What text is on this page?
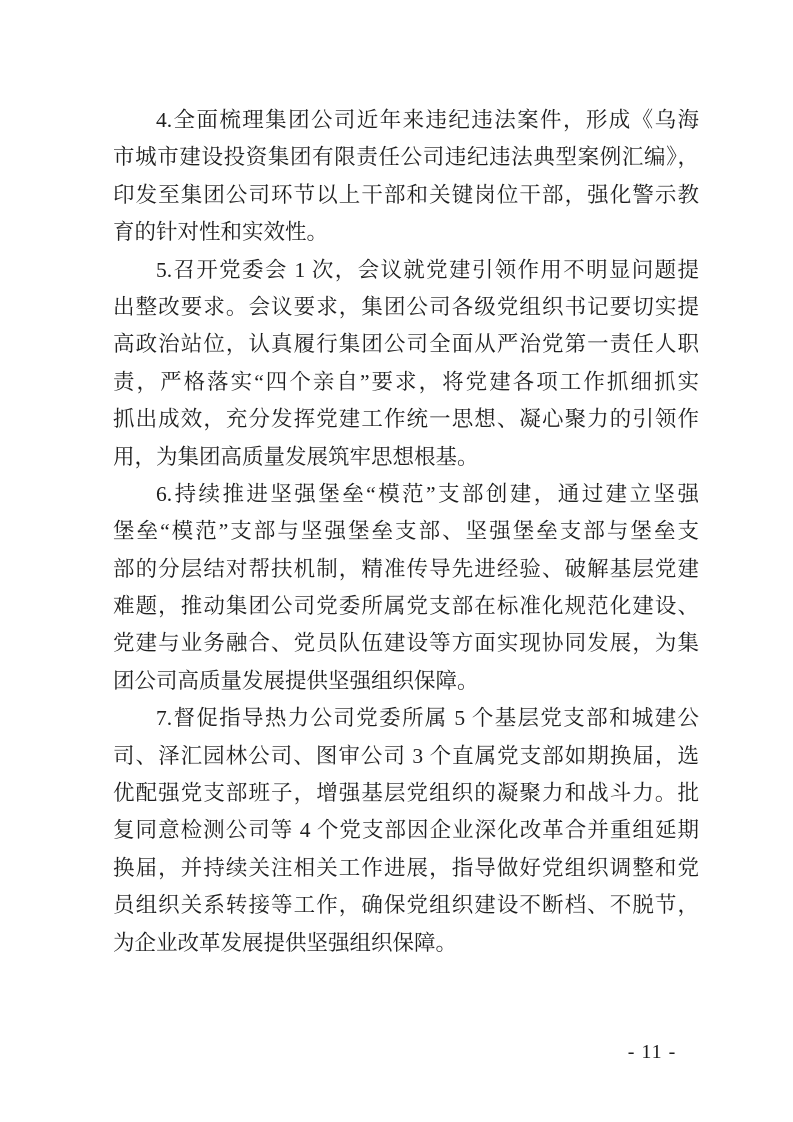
4.全面梳理集团公司近年来违纪违法案件，形成《乌海
市城市建设投资集团有限责任公司违纪违法典型案例汇编》，
印发至集团公司环节以上干部和关键岗位干部，强化警示教
育的针对性和实效性。
5.召开党委会 1 次，会议就党建引领作用不明显问题提
出整改要求。会议要求，集团公司各级党组织书记要切实提
高政治站位，认真履行集团公司全面从严治党第一责任人职
责，严格落实“四个亲自”要求，将党建各项工作抓细抓实
抓出成效，充分发挥党建工作统一思想、凝心聚力的引领作
用，为集团高质量发展筑牢思想根基。
6.持续推进坚强堡垒“模范”支部创建，通过建立坚强
堡垒“模范”支部与坚强堡垒支部、坚强堡垒支部与堡垒支
部的分层结对帮扶机制，精准传导先进经验、破解基层党建
难题，推动集团公司党委所属党支部在标准化规范化建设、
党建与业务融合、党员队伍建设等方面实现协同发展，为集
团公司高质量发展提供坚强组织保障。
7.督促指导热力公司党委所属 5 个基层党支部和城建公
司、泽汇园林公司、图审公司 3 个直属党支部如期换届，选
优配强党支部班子，增强基层党组织的凝聚力和战斗力。批
复同意检测公司等 4 个党支部因企业深化改革合并重组延期
换届，并持续关注相关工作进展，指导做好党组织调整和党
员组织关系转接等工作，确保党组织建设不断档、不脱节，
为企业改革发展提供坚强组织保障。
- 11 -
